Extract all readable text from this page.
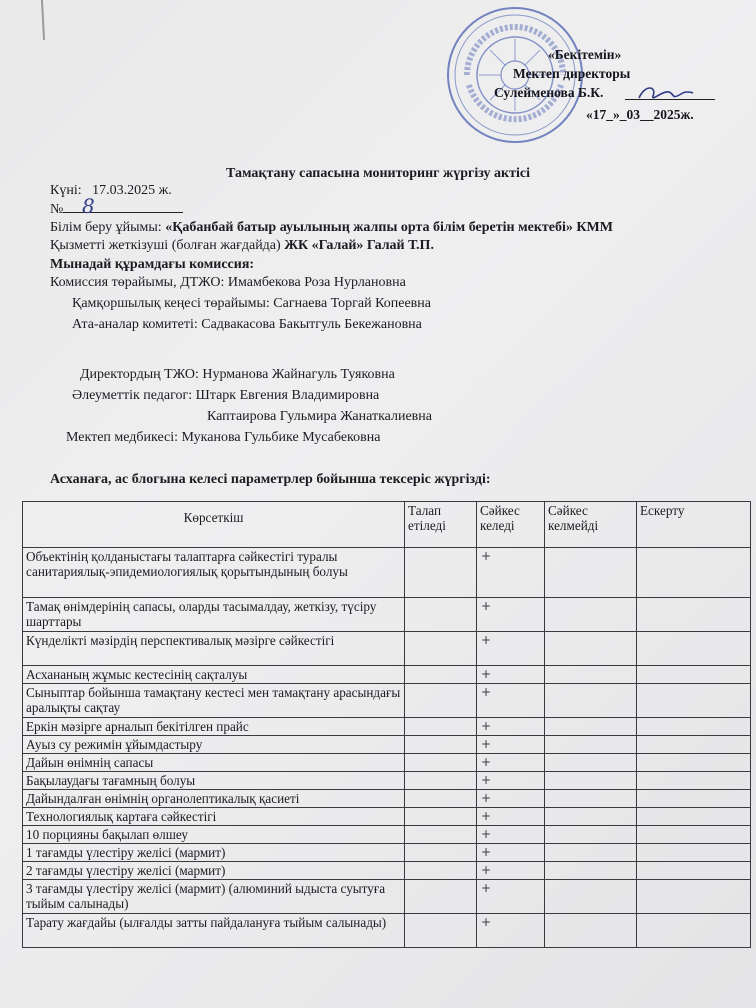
«Бекітемін»
Мектеп директоры
Сулейменова Б.К.
«17_»_03__2025ж.
Тамақтану сапасына мониторинг жүргізу актісі
Күні: 17.03.2025 ж.
№ 8
Білім беру ұйымы: «Қабанбай батыр ауылының жалпы орта білім беретін мектебі» КММ
Қызметті жеткізуші (болған жағдайда) ЖК «Галай» Галай Т.П.
Мынадай құрамдағы комиссия:
Комиссия төрайымы, ДТЖО: Имамбекова Роза Нурлановна
Қамқоршылық кеңесі төрайымы: Сагнаева Торгай Копеевна
Ата-аналар комитеті: Садвакасова Бакытгуль Бекежановна
Директордың ТЖО: Нурманова Жайнагуль Туяковна
Әлеуметтік педагог: Штарк Евгения Владимировна
Каптаирова Гульмира Жанаткалиевна
Мектеп медбикесі: Муканова Гульбике Мусабековна
Асханаға, ас блогына келесі параметрлер бойынша тексеріс жүргізді:
Көрсеткіш	Талап етіледі	Сәйкес келеді	Сәйкес келмейді	Ескерту
Объектінің қолданыстағы талаптарға сәйкестігі туралы санитариялық-эпидемиологиялық қорытындының болуы		+		
Тамақ өнімдерінің сапасы, оларды тасымалдау, жеткізу, түсіру шарттары		+		
Күнделікті мәзірдің перспективалық мәзірге сәйкестігі		+		
Асхананың жұмыс кестесінің сақталуы		+		
Сыныптар бойынша тамақтану кестесі мен тамақтану арасындағы аралықты сақтау		+		
Еркін мәзірге арналып бекітілген прайс		+		
Ауыз су режимін ұйымдастыру		+		
Дайын өнімнің сапасы		+		
Бақылаудағы тағамның болуы		+		
Дайындалған өнімнің органолептикалық қасиеті		+		
Технологиялық картаға сәйкестігі		+		
10 порцияны бақылап өлшеу		+		
1 тағамды үлестіру желісі (мармит)		+		
2 тағамды үлестіру желісі (мармит)		+		
3 тағамды үлестіру желісі (мармит) (алюминий ыдыста суытуға тыйым салынады)		+		
Тарату жағдайы (ылғалды затты пайдалануға тыйым салынады)		+		
